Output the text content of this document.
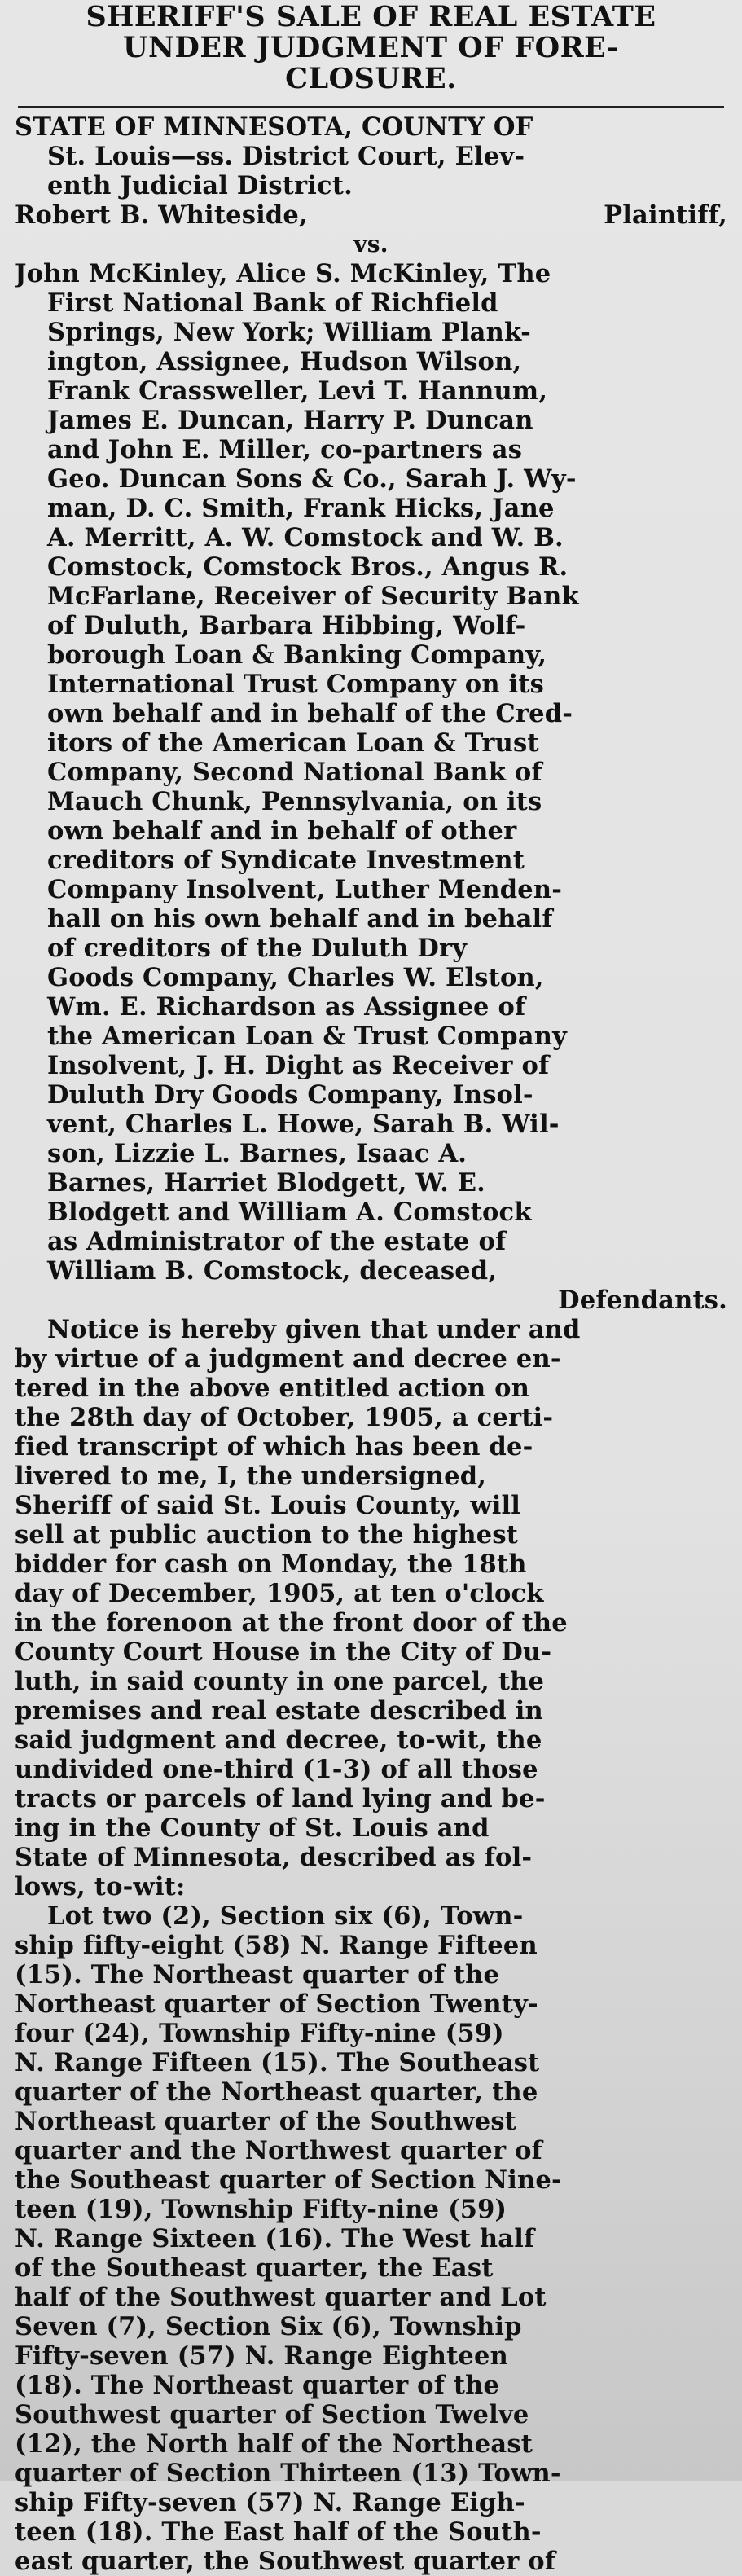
SHERIFF'S SALE OF REAL ESTATE
UNDER JUDGMENT OF FORE-
CLOSURE.
STATE OF MINNESOTA, COUNTY OF
St. Louis—ss. District Court, Elev-
enth Judicial District.
Robert B. Whiteside,	Plaintiff,
vs.
John McKinley, Alice S. McKinley, The
First National Bank of Richfield
Springs, New York; William Plank-
ington, Assignee, Hudson Wilson,
Frank Crassweller, Levi T. Hannum,
James E. Duncan, Harry P. Duncan
and John E. Miller, co-partners as
Geo. Duncan Sons & Co., Sarah J. Wy-
man, D. C. Smith, Frank Hicks, Jane
A. Merritt, A. W. Comstock and W. B.
Comstock, Comstock Bros., Angus R.
McFarlane, Receiver of Security Bank
of Duluth, Barbara Hibbing, Wolf-
borough Loan & Banking Company,
International Trust Company on its
own behalf and in behalf of the Cred-
itors of the American Loan & Trust
Company, Second National Bank of
Mauch Chunk, Pennsylvania, on its
own behalf and in behalf of other
creditors of Syndicate Investment
Company Insolvent, Luther Menden-
hall on his own behalf and in behalf
of creditors of the Duluth Dry
Goods Company, Charles W. Elston,
Wm. E. Richardson as Assignee of
the American Loan & Trust Company
Insolvent, J. H. Dight as Receiver of
Duluth Dry Goods Company, Insol-
vent, Charles L. Howe, Sarah B. Wil-
son, Lizzie L. Barnes, Isaac A.
Barnes, Harriet Blodgett, W. E.
Blodgett and William A. Comstock
as Administrator of the estate of
William B. Comstock, deceased,
Defendants.
Notice is hereby given that under and
by virtue of a judgment and decree en-
tered in the above entitled action on
the 28th day of October, 1905, a certi-
fied transcript of which has been de-
livered to me, I, the undersigned,
Sheriff of said St. Louis County, will
sell at public auction to the highest
bidder for cash on Monday, the 18th
day of December, 1905, at ten o'clock
in the forenoon at the front door of the
County Court House in the City of Du-
luth, in said county in one parcel, the
premises and real estate described in
said judgment and decree, to-wit, the
undivided one-third (1-3) of all those
tracts or parcels of land lying and be-
ing in the County of St. Louis and
State of Minnesota, described as fol-
lows, to-wit:
Lot two (2), Section six (6), Town-
ship fifty-eight (58) N. Range Fifteen
(15). The Northeast quarter of the
Northeast quarter of Section Twenty-
four (24), Township Fifty-nine (59)
N. Range Fifteen (15). The Southeast
quarter of the Northeast quarter, the
Northeast quarter of the Southwest
quarter and the Northwest quarter of
the Southeast quarter of Section Nine-
teen (19), Township Fifty-nine (59)
N. Range Sixteen (16). The West half
of the Southeast quarter, the East
half of the Southwest quarter and Lot
Seven (7), Section Six (6), Township
Fifty-seven (57) N. Range Eighteen
(18). The Northeast quarter of the
Southwest quarter of Section Twelve
(12), the North half of the Northeast
quarter of Section Thirteen (13) Town-
ship Fifty-seven (57) N. Range Eigh-
teen (18). The East half of the South-
east quarter, the Southwest quarter of
